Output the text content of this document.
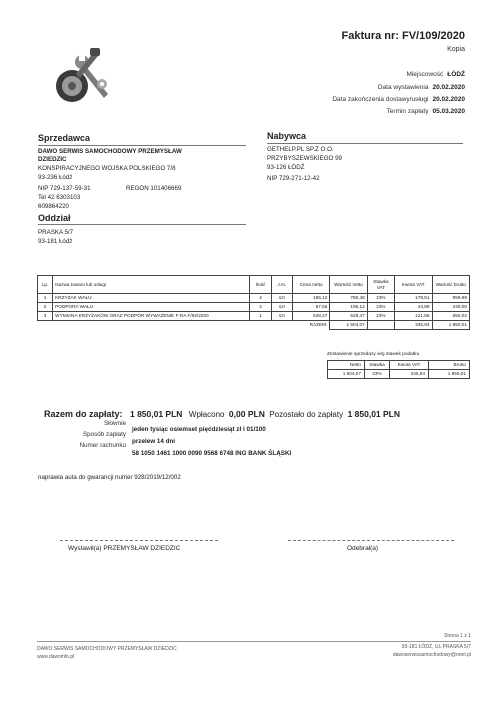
Faktura nr: FV/109/2020
Kopia
Miejscowość ŁÓDŹ
Data wystawienia 20.02.2020
Data zakończenia dostawy/usługi 20.02.2020
Termin zapłaty 05.03.2020
Sprzedawca
DAWO SERWIS SAMOCHODOWY PRZEMYSŁAW
DZIEDZIC
KONSPIRACYJNEGO WOJSKA POLSKIEGO 7/8
93-236 Łódź
NIP 729-137-59-31	REGON 101406669
Tel 42 6303103
609864220
Oddział
PRASKA 5/7
93-181 Łódź
Nabywca
GETHELP.PL SP.Z O.O.
PRZYBYSZEWSKIEGO 99
93-126 ŁÓDŹ
NIP 729-271-12-42
Lp.	Nazwa towaru lub usługi	Ilość	J.m.	Cena netto	Wartość netto	Stawka VAT	Kwota VAT	Wartość brutto
1	KRZYŻAK WAŁU	4	szt	195,12	780,48	23%	179,51	959,99
2	PODPORA WAŁU	2	szt	97,56	195,12	23%	44,88	240,00
3	WYMIANA KRZYŻAKÓW ORAZ PODPÓR WYWAŻENIE F-RA F/92/2020	1	szt	528,47	528,47	23%	121,55	650,02
RAZEM:					1 504,07		345,94	1 850,01
Zestawienie sprzedaży w/g stawek podatku
Netto	Stawka	Kwota VAT	Brutto
1 504,07	23%	345,94	1 850,01
Razem do zapłaty: 1 850,01 PLN Wpłacono 0,00 PLN Pozostało do zapłaty 1 850,01 PLN
Słownie
jeden tysiąc osiemset pięćdziesiąt zł i 01/100
Sposób zapłaty
przelew 14 dni
Numer rachunku
58 1050 1461 1000 0090 9568 6748 ING BANK ŚLĄSKI
naprawia auta do gwarancji numer 928/2019/12/002
Wystawił(a) PRZEMYSŁAW DZIEDZIC	Odebrał(a)
DAWO SERWIS SAMOCHODOWY PRZEMYSŁAW DZIEDZIC
www.dawoinfo.pl
Strona 1 z 1
93-181 ŁÓDŹ, UL.PRASKA 5/7
dawoserwissamochodowy@onet.pl
